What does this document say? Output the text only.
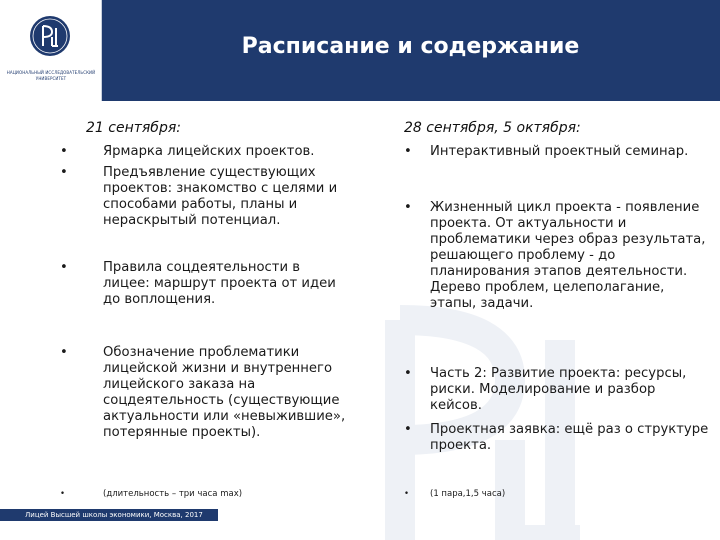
НАЦИОНАЛЬНЫЙ ИССЛЕДОВАТЕЛЬСКИЙ УНИВЕРСИТЕТ
Расписание и содержание
21 сентября:
•	Ярмарка лицейских проектов.
•	Предъявление существующих проектов: знакомство с целями и способами работы, планы и нераскрытый потенциал.
•	Правила соцдеятельности в лицее: маршрут проекта от идеи до воплощения.
•	Обозначение проблематики лицейской жизни и внутреннего лицейского заказа на соцдеятельность (существующие актуальности или «невыжившие», потерянные проекты).
•	(длительность – три часа max)
28 сентября, 5 октября:
• Интерактивный проектный семинар.
• Жизненный цикл проекта - появление проекта. От актуальности и проблематики через образ результата, решающего проблему - до планирования этапов деятельности. Дерево проблем, целеполагание, этапы, задачи.
• Часть 2: Развитие проекта: ресурсы, риски. Моделирование и разбор кейсов.
• Проектная заявка: ещё раз о структуре проекта.
• (1 пара,1,5 часа)
Лицей Высшей школы экономики, Москва, 2017
